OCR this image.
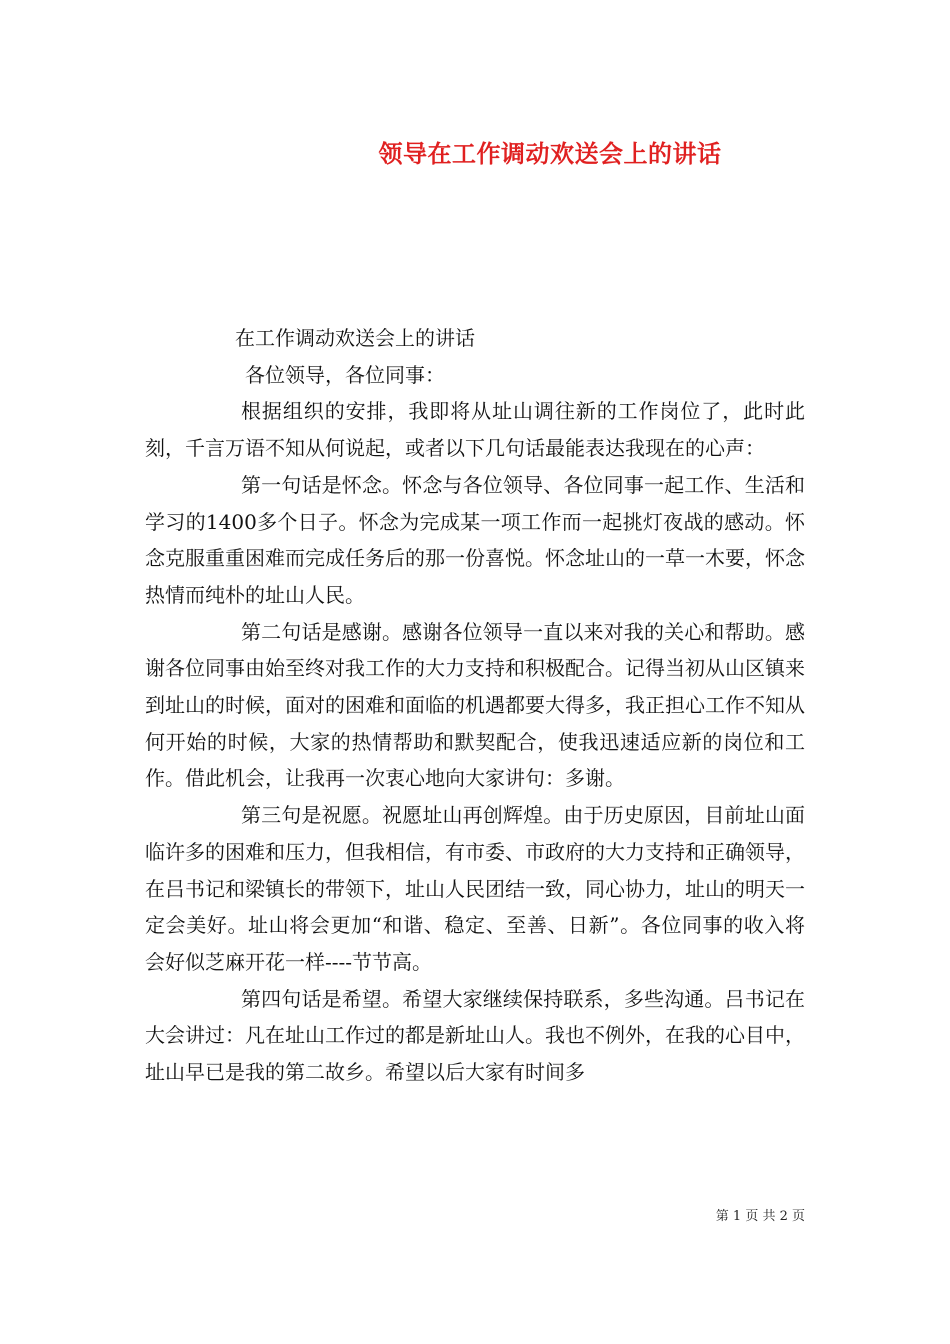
领导在工作调动欢送会上的讲话

在工作调动欢送会上的讲话

各位领导，各位同事：

根据组织的安排，我即将从址山调往新的工作岗位了，此时此刻，千言万语不知从何说起，或者以下几句话最能表达我现在的心声：

第一句话是怀念。怀念与各位领导、各位同事一起工作、生活和学习的1400多个日子。怀念为完成某一项工作而一起挑灯夜战的感动。怀念克服重重困难而完成任务后的那一份喜悦。怀念址山的一草一木要，怀念热情而纯朴的址山人民。

第二句话是感谢。感谢各位领导一直以来对我的关心和帮助。感谢各位同事由始至终对我工作的大力支持和积极配合。记得当初从山区镇来到址山的时候，面对的困难和面临的机遇都要大得多，我正担心工作不知从何开始的时候，大家的热情帮助和默契配合，使我迅速适应新的岗位和工作。借此机会，让我再一次衷心地向大家讲句：多谢。

第三句是祝愿。祝愿址山再创辉煌。由于历史原因，目前址山面临许多的困难和压力，但我相信，有市委、市政府的大力支持和正确领导，在吕书记和梁镇长的带领下，址山人民团结一致，同心协力，址山的明天一定会美好。址山将会更加“和谐、稳定、至善、日新”。各位同事的收入将会好似芝麻开花一样----节节高。

第四句话是希望。希望大家继续保持联系，多些沟通。吕书记在大会讲过：凡在址山工作过的都是新址山人。我也不例外，在我的心目中，址山早已是我的第二故乡。希望以后大家有时间多

第 1 页 共 2 页
